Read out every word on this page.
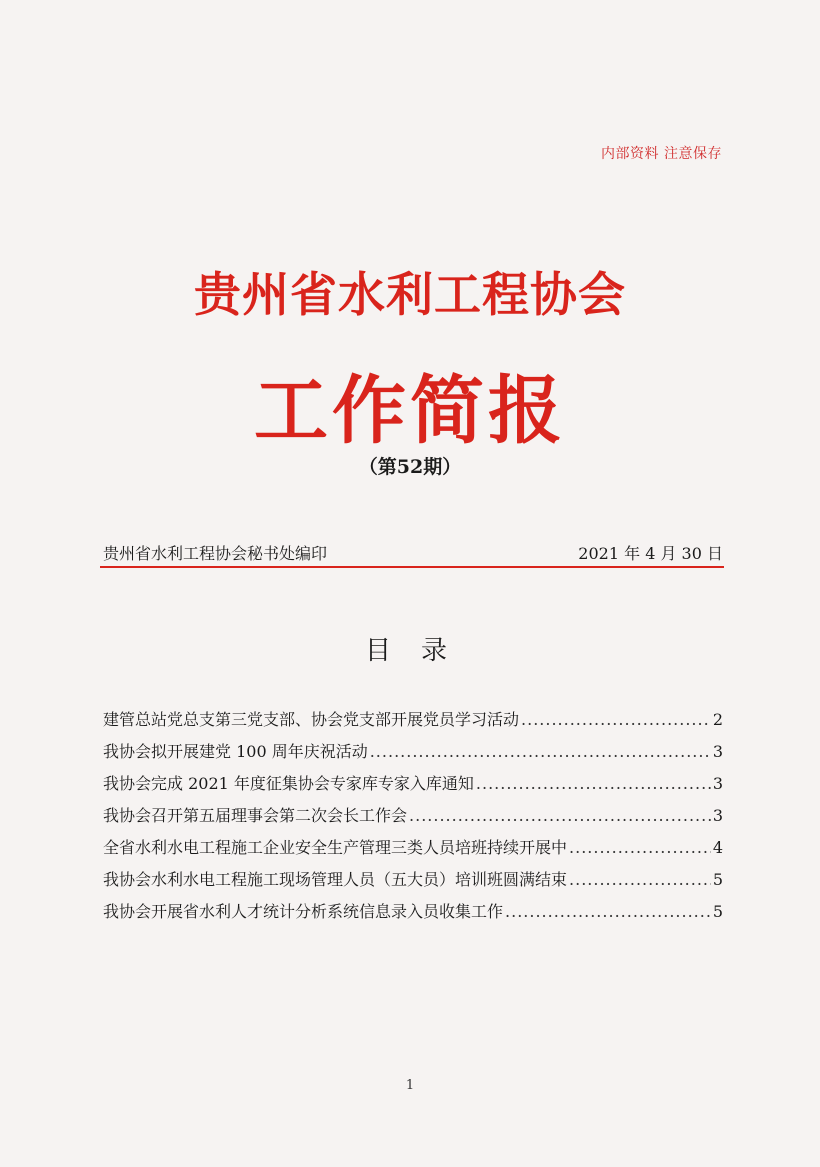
内部资料 注意保存
贵州省水利工程协会
工作简报
（第52期）
贵州省水利工程协会秘书处编印	2021 年 4 月 30 日
目录
建管总站党总支第三党支部、协会党支部开展党员学习活动 .....	2
我协会拟开展建党 100 周年庆祝活动 .....	3
我协会完成 2021 年度征集协会专家库专家入库通知 .....	3
我协会召开第五届理事会第二次会长工作会 .....	3
全省水利水电工程施工企业安全生产管理三类人员培班持续开展中 .....	4
我协会水利水电工程施工现场管理人员（五大员）培训班圆满结束 .....	5
我协会开展省水利人才统计分析系统信息录入员收集工作 .....	5
1
